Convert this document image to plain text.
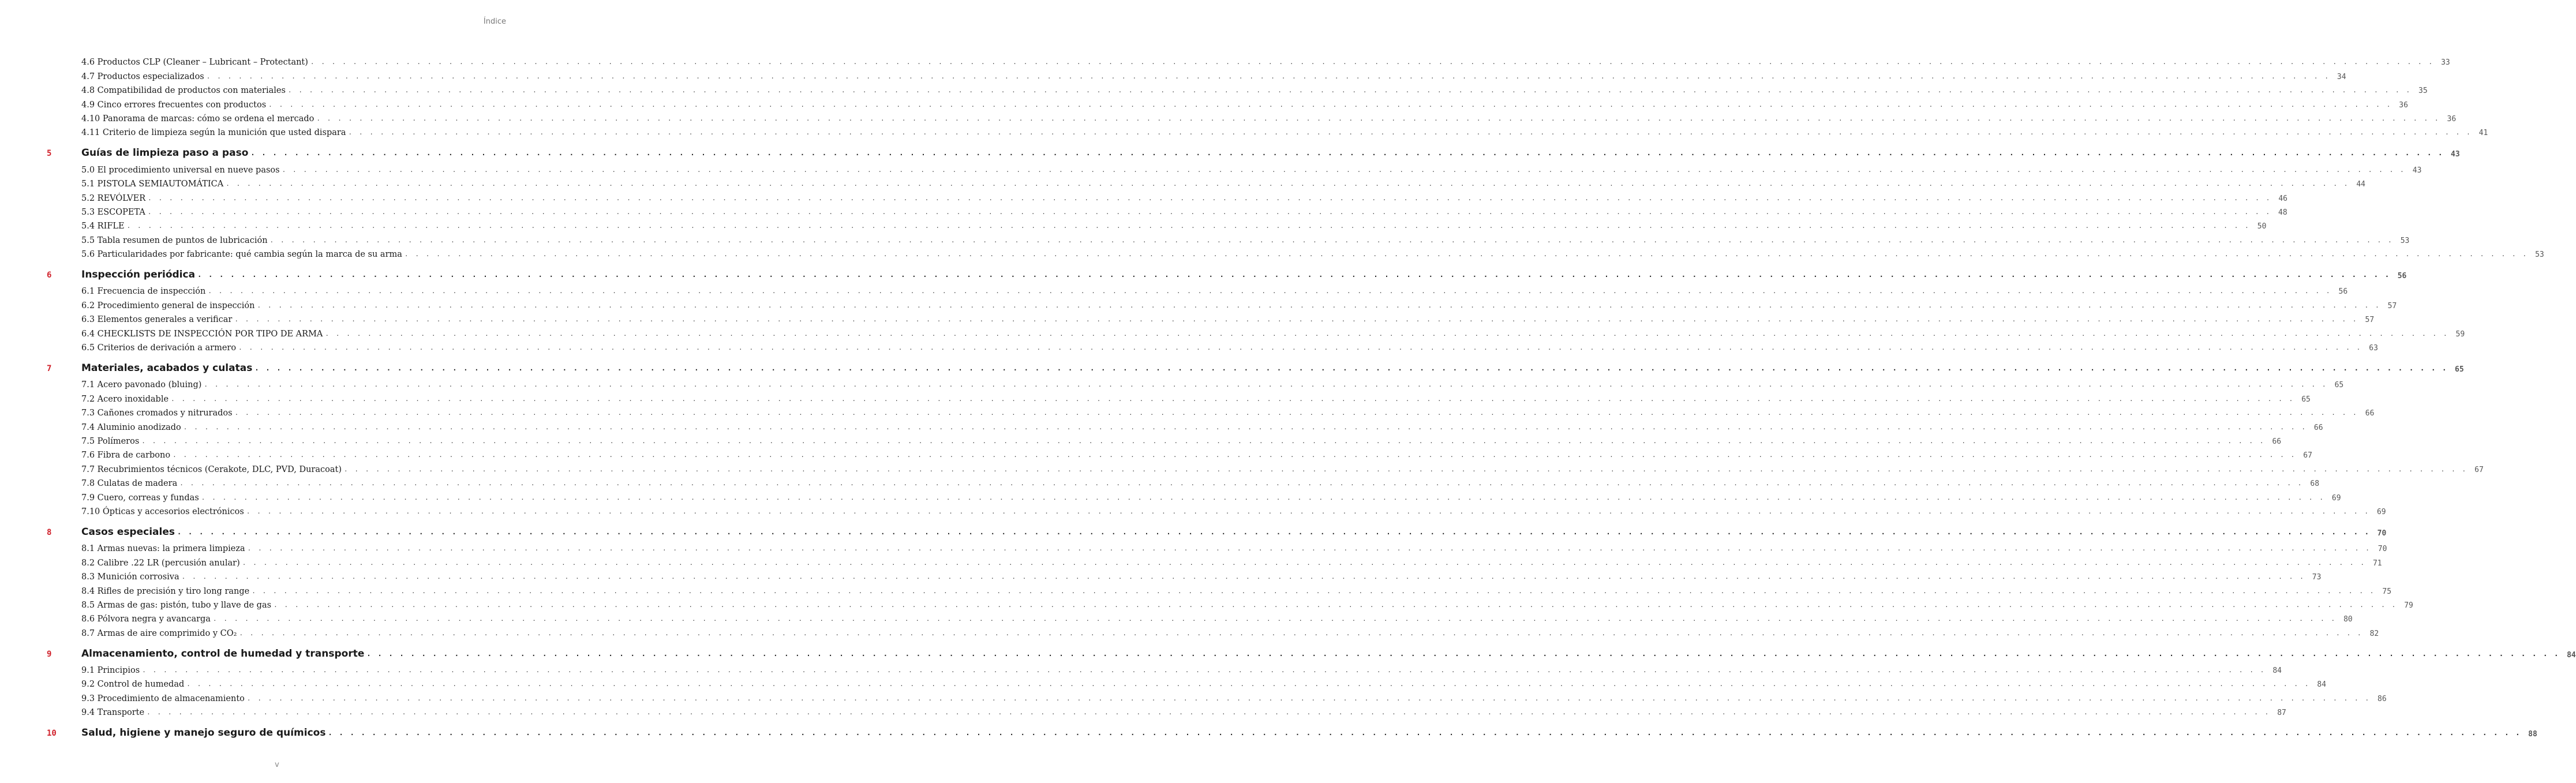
Índice
4.6 Productos CLP (Cleaner – Lubricant – Protectant) . . . . . . . . . . . . . . . . . . . . . . . . . . . . . . . . . . . . . . . . . . . . . . . . . . . . . . . . . . . . . . . . . . . . . . . . . . . . . . . . . . . . . . . . . . . . . . . . . . . . . . . . . . . . . . . . . . . . . . . . . . . . . . . . . . . . . . . . . . . . . . . . . . . . . . . . . . . . . . . . . . . . . . . . . . . . . . . . . . . . . . . . . . . . . . . . . . . . . . . . 33
4.7 Productos especializados . . . . . . . . . . . . . . . . . . . . . . . . . . . . . . . . . . . . . . . . . . . . . . . . . . . . . . . . . . . . . . . . . . . . . . . . . . . . . . . . . . . . . . . . . . . . . . . . . . . . . . . . . . . . . . . . . . . . . . . . . . . . . . . . . . . . . . . . . . . . . . . . . . . . . . . . . . . . . . . . . . . . . . . . . . . . . . . . . . . . . . . . . . . . . . . . . . . . . . . . 34
4.8 Compatibilidad de productos con materiales . . . . . . . . . . . . . . . . . . . . . . . . . . . . . . . . . . . . . . . . . . . . . . . . . . . . . . . . . . . . . . . . . . . . . . . . . . . . . . . . . . . . . . . . . . . . . . . . . . . . . . . . . . . . . . . . . . . . . . . . . . . . . . . . . . . . . . . . . . . . . . . . . . . . . . . . . . . . . . . . . . . . . . . . . . . . . . . . . . . . . . . . . . . . . . . . . . . . . . . . 35
4.9 Cinco errores frecuentes con productos . . . . . . . . . . . . . . . . . . . . . . . . . . . . . . . . . . . . . . . . . . . . . . . . . . . . . . . . . . . . . . . . . . . . . . . . . . . . . . . . . . . . . . . . . . . . . . . . . . . . . . . . . . . . . . . . . . . . . . . . . . . . . . . . . . . . . . . . . . . . . . . . . . . . . . . . . . . . . . . . . . . . . . . . . . . . . . . . . . . . . . . . . . . . . . . . . . . . . . . . 36
4.10 Panorama de marcas: cómo se ordena el mercado . . . . . . . . . . . . . . . . . . . . . . . . . . . . . . . . . . . . . . . . . . . . . . . . . . . . . . . . . . . . . . . . . . . . . . . . . . . . . . . . . . . . . . . . . . . . . . . . . . . . . . . . . . . . . . . . . . . . . . . . . . . . . . . . . . . . . . . . . . . . . . . . . . . . . . . . . . . . . . . . . . . . . . . . . . . . . . . . . . . . . . . . . . . . . . . . . . . . . . . . 36
4.11 Criterio de limpieza según la munición que usted dispara . . . . . . . . . . . . . . . . . . . . . . . . . . . . . . . . . . . . . . . . . . . . . . . . . . . . . . . . . . . . . . . . . . . . . . . . . . . . . . . . . . . . . . . . . . . . . . . . . . . . . . . . . . . . . . . . . . . . . . . . . . . . . . . . . . . . . . . . . . . . . . . . . . . . . . . . . . . . . . . . . . . . . . . . . . . . . . . . . . . . . . . . . . . . . . . . . . . . . . . . 41
5	Guías de limpieza paso a paso . . . . . . . . . . . . . . . . . . . . . . . . . . . . . . . . . . . . . . . . . . . . . . . . . . . . . . . . . . . . . . . . . . . . . . . . . . . . . . . . . . . . . . . . . . . . . . . . . . . . . . . . . . . . . . . . . . . . . . . . . . . . . . . . . . . . . . . . . . . . . . . . . . . . . . . . . . . . . . . . . . . . . . . . . . . . . . . . . . . . . . . . . . . . . . . . . . . . . . . . 43
5.0 El procedimiento universal en nueve pasos . . . . . . . . . . . . . . . . . . . . . . . . . . . . . . . . . . . . . . . . . . . . . . . . . . . . . . . . . . . . . . . . . . . . . . . . . . . . . . . . . . . . . . . . . . . . . . . . . . . . . . . . . . . . . . . . . . . . . . . . . . . . . . . . . . . . . . . . . . . . . . . . . . . . . . . . . . . . . . . . . . . . . . . . . . . . . . . . . . . . . . . . . . . . . . . . . . . . . . . . 43
5.1 PISTOLA SEMIAUTOMÁTICA . . . . . . . . . . . . . . . . . . . . . . . . . . . . . . . . . . . . . . . . . . . . . . . . . . . . . . . . . . . . . . . . . . . . . . . . . . . . . . . . . . . . . . . . . . . . . . . . . . . . . . . . . . . . . . . . . . . . . . . . . . . . . . . . . . . . . . . . . . . . . . . . . . . . . . . . . . . . . . . . . . . . . . . . . . . . . . . . . . . . . . . . . . . . . . . . . . . . . . . . 44
5.2 REVÓLVER . . . . . . . . . . . . . . . . . . . . . . . . . . . . . . . . . . . . . . . . . . . . . . . . . . . . . . . . . . . . . . . . . . . . . . . . . . . . . . . . . . . . . . . . . . . . . . . . . . . . . . . . . . . . . . . . . . . . . . . . . . . . . . . . . . . . . . . . . . . . . . . . . . . . . . . . . . . . . . . . . . . . . . . . . . . . . . . . . . . . . . . . . . . . . . . . . . . . . . . . 46
5.3 ESCOPETA . . . . . . . . . . . . . . . . . . . . . . . . . . . . . . . . . . . . . . . . . . . . . . . . . . . . . . . . . . . . . . . . . . . . . . . . . . . . . . . . . . . . . . . . . . . . . . . . . . . . . . . . . . . . . . . . . . . . . . . . . . . . . . . . . . . . . . . . . . . . . . . . . . . . . . . . . . . . . . . . . . . . . . . . . . . . . . . . . . . . . . . . . . . . . . . . . . . . . . . . 48
5.4 RIFLE . . . . . . . . . . . . . . . . . . . . . . . . . . . . . . . . . . . . . . . . . . . . . . . . . . . . . . . . . . . . . . . . . . . . . . . . . . . . . . . . . . . . . . . . . . . . . . . . . . . . . . . . . . . . . . . . . . . . . . . . . . . . . . . . . . . . . . . . . . . . . . . . . . . . . . . . . . . . . . . . . . . . . . . . . . . . . . . . . . . . . . . . . . . . . . . . . . . . . . . . 50
5.5 Tabla resumen de puntos de lubricación . . . . . . . . . . . . . . . . . . . . . . . . . . . . . . . . . . . . . . . . . . . . . . . . . . . . . . . . . . . . . . . . . . . . . . . . . . . . . . . . . . . . . . . . . . . . . . . . . . . . . . . . . . . . . . . . . . . . . . . . . . . . . . . . . . . . . . . . . . . . . . . . . . . . . . . . . . . . . . . . . . . . . . . . . . . . . . . . . . . . . . . . . . . . . . . . . . . . . . . . 53
5.6 Particularidades por fabricante: qué cambia según la marca de su arma . . . . . . . . . . . . . . . . . . . . . . . . . . . . . . . . . . . . . . . . . . . . . . . . . . . . . . . . . . . . . . . . . . . . . . . . . . . . . . . . . . . . . . . . . . . . . . . . . . . . . . . . . . . . . . . . . . . . . . . . . . . . . . . . . . . . . . . . . . . . . . . . . . . . . . . . . . . . . . . . . . . . . . . . . . . . . . . . . . . . . . . . . . . . . . . . . . . . . . . . 53
6	Inspección periódica . . . . . . . . . . . . . . . . . . . . . . . . . . . . . . . . . . . . . . . . . . . . . . . . . . . . . . . . . . . . . . . . . . . . . . . . . . . . . . . . . . . . . . . . . . . . . . . . . . . . . . . . . . . . . . . . . . . . . . . . . . . . . . . . . . . . . . . . . . . . . . . . . . . . . . . . . . . . . . . . . . . . . . . . . . . . . . . . . . . . . . . . . . . . . . . . . . . . . . . . 56
6.1 Frecuencia de inspección . . . . . . . . . . . . . . . . . . . . . . . . . . . . . . . . . . . . . . . . . . . . . . . . . . . . . . . . . . . . . . . . . . . . . . . . . . . . . . . . . . . . . . . . . . . . . . . . . . . . . . . . . . . . . . . . . . . . . . . . . . . . . . . . . . . . . . . . . . . . . . . . . . . . . . . . . . . . . . . . . . . . . . . . . . . . . . . . . . . . . . . . . . . . . . . . . . . . . . . . 56
6.2 Procedimiento general de inspección . . . . . . . . . . . . . . . . . . . . . . . . . . . . . . . . . . . . . . . . . . . . . . . . . . . . . . . . . . . . . . . . . . . . . . . . . . . . . . . . . . . . . . . . . . . . . . . . . . . . . . . . . . . . . . . . . . . . . . . . . . . . . . . . . . . . . . . . . . . . . . . . . . . . . . . . . . . . . . . . . . . . . . . . . . . . . . . . . . . . . . . . . . . . . . . . . . . . . . . . 57
6.3 Elementos generales a verificar . . . . . . . . . . . . . . . . . . . . . . . . . . . . . . . . . . . . . . . . . . . . . . . . . . . . . . . . . . . . . . . . . . . . . . . . . . . . . . . . . . . . . . . . . . . . . . . . . . . . . . . . . . . . . . . . . . . . . . . . . . . . . . . . . . . . . . . . . . . . . . . . . . . . . . . . . . . . . . . . . . . . . . . . . . . . . . . . . . . . . . . . . . . . . . . . . . . . . . . . 57
6.4 CHECKLISTS DE INSPECCIÓN POR TIPO DE ARMA . . . . . . . . . . . . . . . . . . . . . . . . . . . . . . . . . . . . . . . . . . . . . . . . . . . . . . . . . . . . . . . . . . . . . . . . . . . . . . . . . . . . . . . . . . . . . . . . . . . . . . . . . . . . . . . . . . . . . . . . . . . . . . . . . . . . . . . . . . . . . . . . . . . . . . . . . . . . . . . . . . . . . . . . . . . . . . . . . . . . . . . . . . . . . . . . . . . . . . . . 59
6.5 Criterios de derivación a armero . . . . . . . . . . . . . . . . . . . . . . . . . . . . . . . . . . . . . . . . . . . . . . . . . . . . . . . . . . . . . . . . . . . . . . . . . . . . . . . . . . . . . . . . . . . . . . . . . . . . . . . . . . . . . . . . . . . . . . . . . . . . . . . . . . . . . . . . . . . . . . . . . . . . . . . . . . . . . . . . . . . . . . . . . . . . . . . . . . . . . . . . . . . . . . . . . . . . . . . . 63
7	Materiales, acabados y culatas . . . . . . . . . . . . . . . . . . . . . . . . . . . . . . . . . . . . . . . . . . . . . . . . . . . . . . . . . . . . . . . . . . . . . . . . . . . . . . . . . . . . . . . . . . . . . . . . . . . . . . . . . . . . . . . . . . . . . . . . . . . . . . . . . . . . . . . . . . . . . . . . . . . . . . . . . . . . . . . . . . . . . . . . . . . . . . . . . . . . . . . . . . . . . . . . . . . . . . . . 65
7.1 Acero pavonado (bluing) . . . . . . . . . . . . . . . . . . . . . . . . . . . . . . . . . . . . . . . . . . . . . . . . . . . . . . . . . . . . . . . . . . . . . . . . . . . . . . . . . . . . . . . . . . . . . . . . . . . . . . . . . . . . . . . . . . . . . . . . . . . . . . . . . . . . . . . . . . . . . . . . . . . . . . . . . . . . . . . . . . . . . . . . . . . . . . . . . . . . . . . . . . . . . . . . . . . . . . . . 65
7.2 Acero inoxidable . . . . . . . . . . . . . . . . . . . . . . . . . . . . . . . . . . . . . . . . . . . . . . . . . . . . . . . . . . . . . . . . . . . . . . . . . . . . . . . . . . . . . . . . . . . . . . . . . . . . . . . . . . . . . . . . . . . . . . . . . . . . . . . . . . . . . . . . . . . . . . . . . . . . . . . . . . . . . . . . . . . . . . . . . . . . . . . . . . . . . . . . . . . . . . . . . . . . . . . . 65
7.3 Cañones cromados y nitrurados . . . . . . . . . . . . . . . . . . . . . . . . . . . . . . . . . . . . . . . . . . . . . . . . . . . . . . . . . . . . . . . . . . . . . . . . . . . . . . . . . . . . . . . . . . . . . . . . . . . . . . . . . . . . . . . . . . . . . . . . . . . . . . . . . . . . . . . . . . . . . . . . . . . . . . . . . . . . . . . . . . . . . . . . . . . . . . . . . . . . . . . . . . . . . . . . . . . . . . . . 66
7.4 Aluminio anodizado . . . . . . . . . . . . . . . . . . . . . . . . . . . . . . . . . . . . . . . . . . . . . . . . . . . . . . . . . . . . . . . . . . . . . . . . . . . . . . . . . . . . . . . . . . . . . . . . . . . . . . . . . . . . . . . . . . . . . . . . . . . . . . . . . . . . . . . . . . . . . . . . . . . . . . . . . . . . . . . . . . . . . . . . . . . . . . . . . . . . . . . . . . . . . . . . . . . . . . . . 66
7.5 Polímeros . . . . . . . . . . . . . . . . . . . . . . . . . . . . . . . . . . . . . . . . . . . . . . . . . . . . . . . . . . . . . . . . . . . . . . . . . . . . . . . . . . . . . . . . . . . . . . . . . . . . . . . . . . . . . . . . . . . . . . . . . . . . . . . . . . . . . . . . . . . . . . . . . . . . . . . . . . . . . . . . . . . . . . . . . . . . . . . . . . . . . . . . . . . . . . . . . . . . . . . . 66
7.6 Fibra de carbono . . . . . . . . . . . . . . . . . . . . . . . . . . . . . . . . . . . . . . . . . . . . . . . . . . . . . . . . . . . . . . . . . . . . . . . . . . . . . . . . . . . . . . . . . . . . . . . . . . . . . . . . . . . . . . . . . . . . . . . . . . . . . . . . . . . . . . . . . . . . . . . . . . . . . . . . . . . . . . . . . . . . . . . . . . . . . . . . . . . . . . . . . . . . . . . . . . . . . . . . 67
7.7 Recubrimientos técnicos (Cerakote, DLC, PVD, Duracoat) . . . . . . . . . . . . . . . . . . . . . . . . . . . . . . . . . . . . . . . . . . . . . . . . . . . . . . . . . . . . . . . . . . . . . . . . . . . . . . . . . . . . . . . . . . . . . . . . . . . . . . . . . . . . . . . . . . . . . . . . . . . . . . . . . . . . . . . . . . . . . . . . . . . . . . . . . . . . . . . . . . . . . . . . . . . . . . . . . . . . . . . . . . . . . . . . . . . . . . . . 67
7.8 Culatas de madera . . . . . . . . . . . . . . . . . . . . . . . . . . . . . . . . . . . . . . . . . . . . . . . . . . . . . . . . . . . . . . . . . . . . . . . . . . . . . . . . . . . . . . . . . . . . . . . . . . . . . . . . . . . . . . . . . . . . . . . . . . . . . . . . . . . . . . . . . . . . . . . . . . . . . . . . . . . . . . . . . . . . . . . . . . . . . . . . . . . . . . . . . . . . . . . . . . . . . . . . 68
7.9 Cuero, correas y fundas . . . . . . . . . . . . . . . . . . . . . . . . . . . . . . . . . . . . . . . . . . . . . . . . . . . . . . . . . . . . . . . . . . . . . . . . . . . . . . . . . . . . . . . . . . . . . . . . . . . . . . . . . . . . . . . . . . . . . . . . . . . . . . . . . . . . . . . . . . . . . . . . . . . . . . . . . . . . . . . . . . . . . . . . . . . . . . . . . . . . . . . . . . . . . . . . . . . . . . . . 69
7.10 Ópticas y accesorios electrónicos . . . . . . . . . . . . . . . . . . . . . . . . . . . . . . . . . . . . . . . . . . . . . . . . . . . . . . . . . . . . . . . . . . . . . . . . . . . . . . . . . . . . . . . . . . . . . . . . . . . . . . . . . . . . . . . . . . . . . . . . . . . . . . . . . . . . . . . . . . . . . . . . . . . . . . . . . . . . . . . . . . . . . . . . . . . . . . . . . . . . . . . . . . . . . . . . . . . . . . . . 69
8	Casos especiales . . . . . . . . . . . . . . . . . . . . . . . . . . . . . . . . . . . . . . . . . . . . . . . . . . . . . . . . . . . . . . . . . . . . . . . . . . . . . . . . . . . . . . . . . . . . . . . . . . . . . . . . . . . . . . . . . . . . . . . . . . . . . . . . . . . . . . . . . . . . . . . . . . . . . . . . . . . . . . . . . . . . . . . . . . . . . . . . . . . . . . . . . . . . . . . . . . . . . . . . 70
8.1 Armas nuevas: la primera limpieza . . . . . . . . . . . . . . . . . . . . . . . . . . . . . . . . . . . . . . . . . . . . . . . . . . . . . . . . . . . . . . . . . . . . . . . . . . . . . . . . . . . . . . . . . . . . . . . . . . . . . . . . . . . . . . . . . . . . . . . . . . . . . . . . . . . . . . . . . . . . . . . . . . . . . . . . . . . . . . . . . . . . . . . . . . . . . . . . . . . . . . . . . . . . . . . . . . . . . . . . 70
8.2 Calibre .22 LR (percusión anular) . . . . . . . . . . . . . . . . . . . . . . . . . . . . . . . . . . . . . . . . . . . . . . . . . . . . . . . . . . . . . . . . . . . . . . . . . . . . . . . . . . . . . . . . . . . . . . . . . . . . . . . . . . . . . . . . . . . . . . . . . . . . . . . . . . . . . . . . . . . . . . . . . . . . . . . . . . . . . . . . . . . . . . . . . . . . . . . . . . . . . . . . . . . . . . . . . . . . . . . . 71
8.3 Munición corrosiva . . . . . . . . . . . . . . . . . . . . . . . . . . . . . . . . . . . . . . . . . . . . . . . . . . . . . . . . . . . . . . . . . . . . . . . . . . . . . . . . . . . . . . . . . . . . . . . . . . . . . . . . . . . . . . . . . . . . . . . . . . . . . . . . . . . . . . . . . . . . . . . . . . . . . . . . . . . . . . . . . . . . . . . . . . . . . . . . . . . . . . . . . . . . . . . . . . . . . . . . 73
8.4 Rifles de precisión y tiro long range . . . . . . . . . . . . . . . . . . . . . . . . . . . . . . . . . . . . . . . . . . . . . . . . . . . . . . . . . . . . . . . . . . . . . . . . . . . . . . . . . . . . . . . . . . . . . . . . . . . . . . . . . . . . . . . . . . . . . . . . . . . . . . . . . . . . . . . . . . . . . . . . . . . . . . . . . . . . . . . . . . . . . . . . . . . . . . . . . . . . . . . . . . . . . . . . . . . . . . . . 75
8.5 Armas de gas: pistón, tubo y llave de gas . . . . . . . . . . . . . . . . . . . . . . . . . . . . . . . . . . . . . . . . . . . . . . . . . . . . . . . . . . . . . . . . . . . . . . . . . . . . . . . . . . . . . . . . . . . . . . . . . . . . . . . . . . . . . . . . . . . . . . . . . . . . . . . . . . . . . . . . . . . . . . . . . . . . . . . . . . . . . . . . . . . . . . . . . . . . . . . . . . . . . . . . . . . . . . . . . . . . . . . . 79
8.6 Pólvora negra y avancarga . . . . . . . . . . . . . . . . . . . . . . . . . . . . . . . . . . . . . . . . . . . . . . . . . . . . . . . . . . . . . . . . . . . . . . . . . . . . . . . . . . . . . . . . . . . . . . . . . . . . . . . . . . . . . . . . . . . . . . . . . . . . . . . . . . . . . . . . . . . . . . . . . . . . . . . . . . . . . . . . . . . . . . . . . . . . . . . . . . . . . . . . . . . . . . . . . . . . . . . . 80
8.7 Armas de aire comprimido y CO₂ . . . . . . . . . . . . . . . . . . . . . . . . . . . . . . . . . . . . . . . . . . . . . . . . . . . . . . . . . . . . . . . . . . . . . . . . . . . . . . . . . . . . . . . . . . . . . . . . . . . . . . . . . . . . . . . . . . . . . . . . . . . . . . . . . . . . . . . . . . . . . . . . . . . . . . . . . . . . . . . . . . . . . . . . . . . . . . . . . . . . . . . . . . . . . . . . . . . . . . . . 82
9	Almacenamiento, control de humedad y transporte . . . . . . . . . . . . . . . . . . . . . . . . . . . . . . . . . . . . . . . . . . . . . . . . . . . . . . . . . . . . . . . . . . . . . . . . . . . . . . . . . . . . . . . . . . . . . . . . . . . . . . . . . . . . . . . . . . . . . . . . . . . . . . . . . . . . . . . . . . . . . . . . . . . . . . . . . . . . . . . . . . . . . . . . . . . . . . . . . . . . . . . . . . . . . . . . . . . . . . . . 84
9.1 Principios . . . . . . . . . . . . . . . . . . . . . . . . . . . . . . . . . . . . . . . . . . . . . . . . . . . . . . . . . . . . . . . . . . . . . . . . . . . . . . . . . . . . . . . . . . . . . . . . . . . . . . . . . . . . . . . . . . . . . . . . . . . . . . . . . . . . . . . . . . . . . . . . . . . . . . . . . . . . . . . . . . . . . . . . . . . . . . . . . . . . . . . . . . . . . . . . . . . . . . . . 84
9.2 Control de humedad . . . . . . . . . . . . . . . . . . . . . . . . . . . . . . . . . . . . . . . . . . . . . . . . . . . . . . . . . . . . . . . . . . . . . . . . . . . . . . . . . . . . . . . . . . . . . . . . . . . . . . . . . . . . . . . . . . . . . . . . . . . . . . . . . . . . . . . . . . . . . . . . . . . . . . . . . . . . . . . . . . . . . . . . . . . . . . . . . . . . . . . . . . . . . . . . . . . . . . . . 84
9.3 Procedimiento de almacenamiento . . . . . . . . . . . . . . . . . . . . . . . . . . . . . . . . . . . . . . . . . . . . . . . . . . . . . . . . . . . . . . . . . . . . . . . . . . . . . . . . . . . . . . . . . . . . . . . . . . . . . . . . . . . . . . . . . . . . . . . . . . . . . . . . . . . . . . . . . . . . . . . . . . . . . . . . . . . . . . . . . . . . . . . . . . . . . . . . . . . . . . . . . . . . . . . . . . . . . . . . 86
9.4 Transporte . . . . . . . . . . . . . . . . . . . . . . . . . . . . . . . . . . . . . . . . . . . . . . . . . . . . . . . . . . . . . . . . . . . . . . . . . . . . . . . . . . . . . . . . . . . . . . . . . . . . . . . . . . . . . . . . . . . . . . . . . . . . . . . . . . . . . . . . . . . . . . . . . . . . . . . . . . . . . . . . . . . . . . . . . . . . . . . . . . . . . . . . . . . . . . . . . . . . . . . . 87
10	Salud, higiene y manejo seguro de químicos . . . . . . . . . . . . . . . . . . . . . . . . . . . . . . . . . . . . . . . . . . . . . . . . . . . . . . . . . . . . . . . . . . . . . . . . . . . . . . . . . . . . . . . . . . . . . . . . . . . . . . . . . . . . . . . . . . . . . . . . . . . . . . . . . . . . . . . . . . . . . . . . . . . . . . . . . . . . . . . . . . . . . . . . . . . . . . . . . . . . . . . . . . . . . . . . . . . . . . . . 88
v
